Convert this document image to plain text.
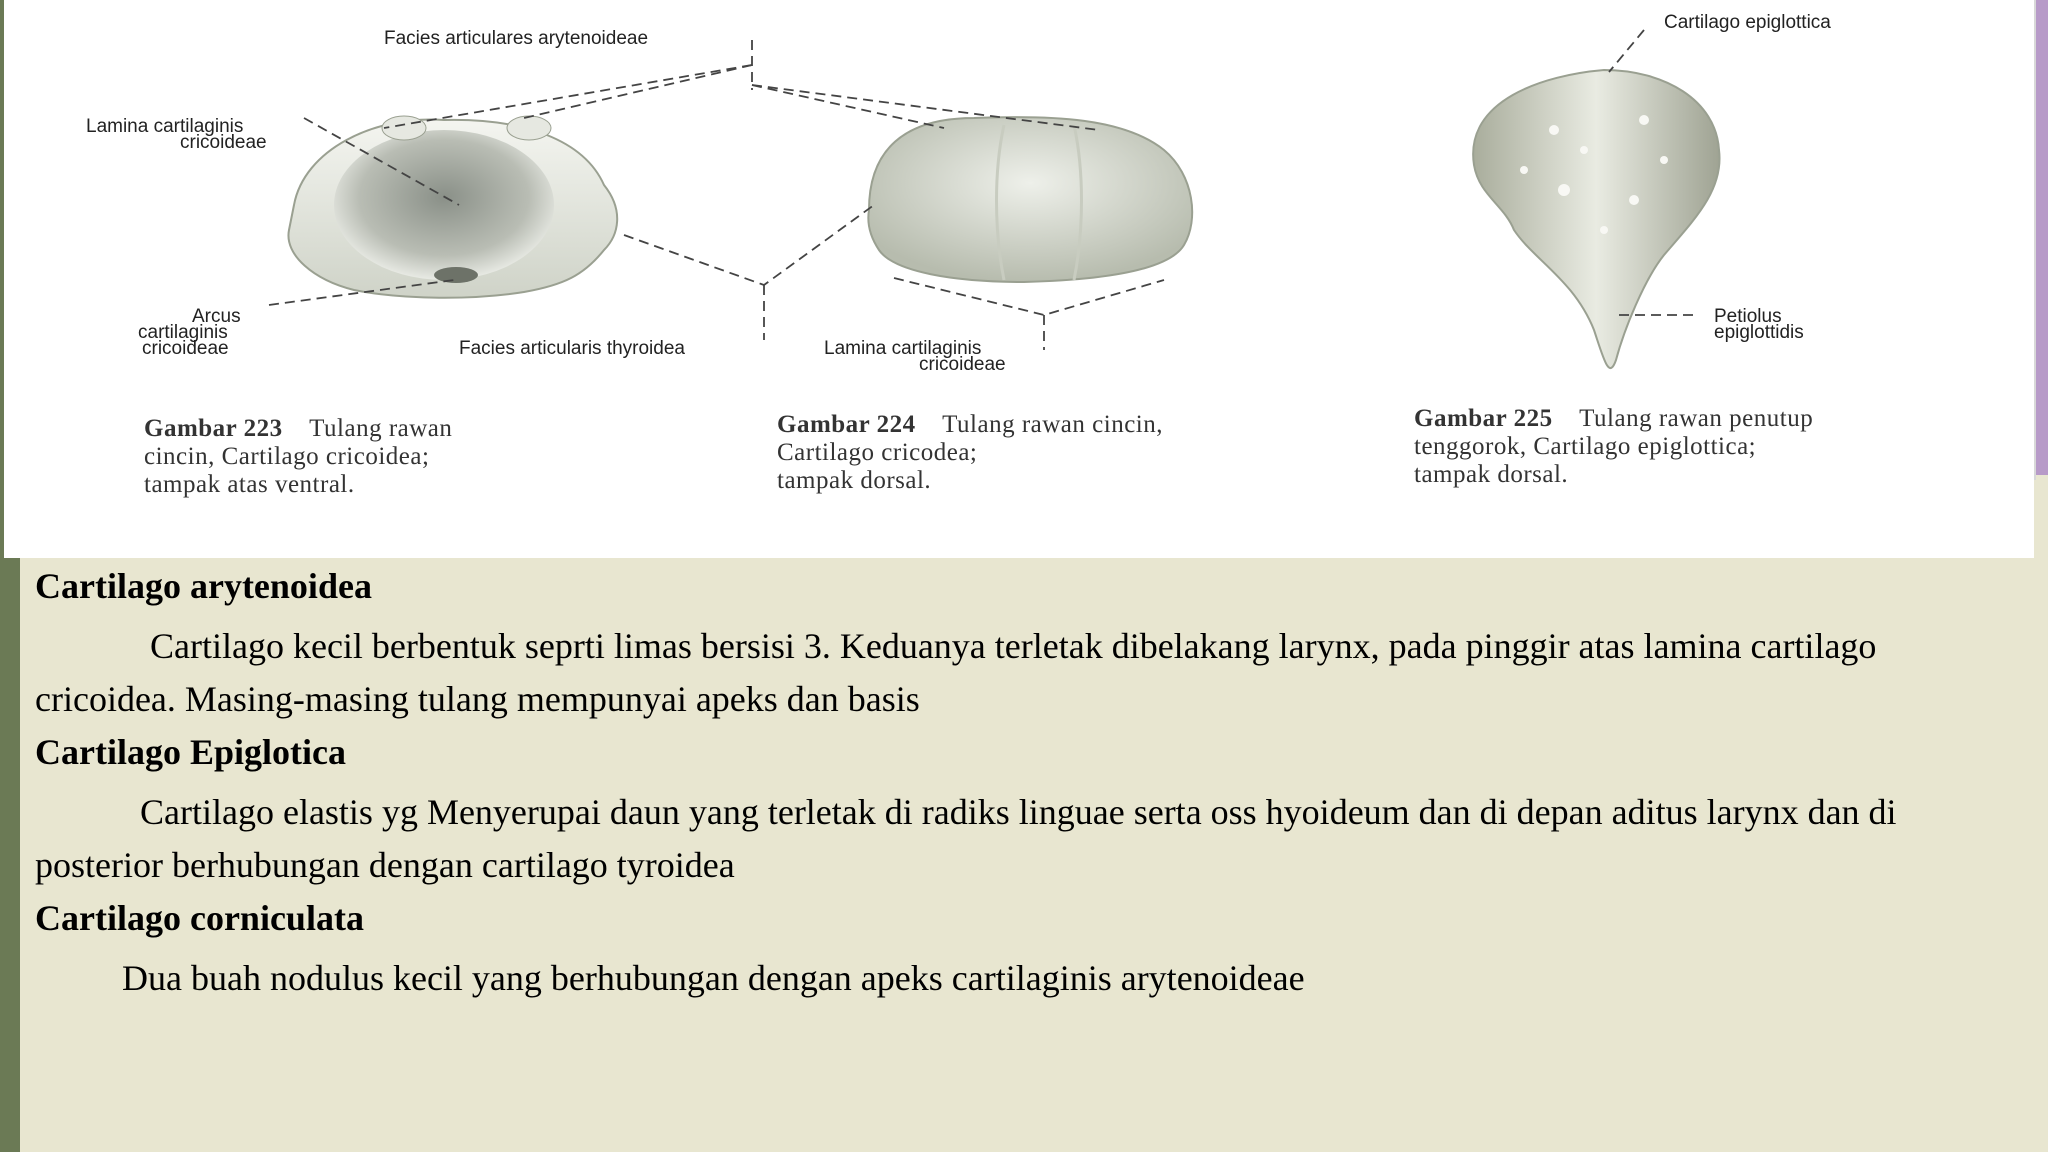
Facies articulares arytenoideae
Lamina cartilaginis
cricoideae
Arcus
cartilaginis
cricoideae	Facies articularis thyroidea	Lamina cartilaginis
cricoideae
Cartilago epiglottica
Petiolus
epiglottidis
Gambar 223 Tulang rawan
cincin, Cartilago cricoidea;
tampak atas ventral.
Gambar 224 Tulang rawan cincin,
Cartilago cricodea;
tampak dorsal.
Gambar 225 Tulang rawan penutup
tenggorok, Cartilago epiglottica;
tampak dorsal.

Cartilago arytenoidea

Cartilago kecil berbentuk seprti limas bersisi 3. Keduanya terletak dibelakang larynx, pada pinggir atas lamina cartilago

cricoidea. Masing-masing tulang mempunyai apeks dan basis

Cartilago Epiglotica

Cartilago elastis yg Menyerupai daun yang terletak di radiks linguae serta oss hyoideum dan di depan aditus larynx dan di

posterior berhubungan dengan cartilago tyroidea

Cartilago corniculata

Dua buah nodulus kecil yang berhubungan dengan apeks cartilaginis arytenoideae
